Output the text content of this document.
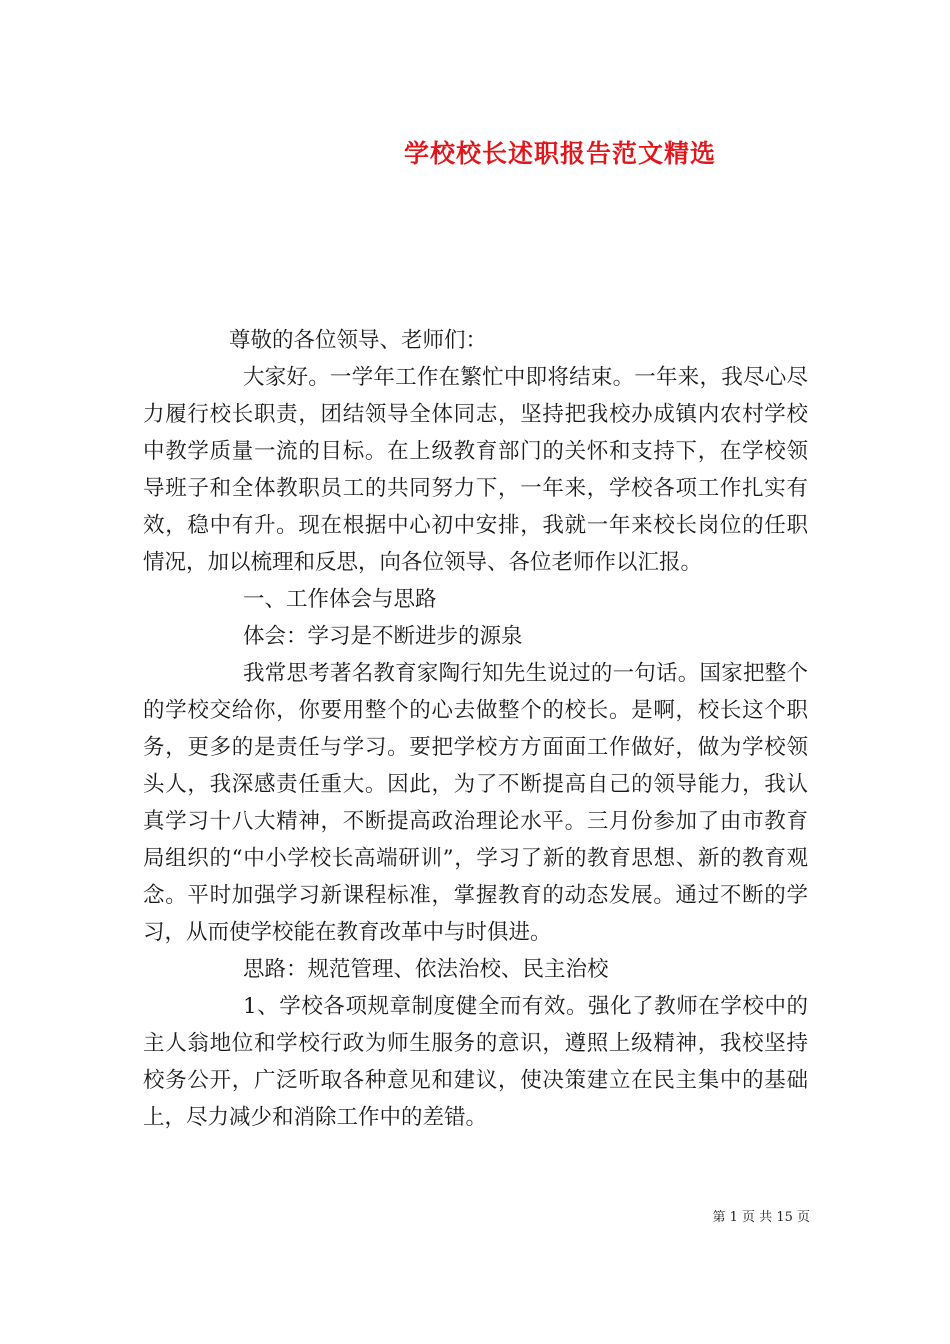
学校校长述职报告范文精选

尊敬的各位领导、老师们：

大家好。一学年工作在繁忙中即将结束。一年来，我尽心尽力履行校长职责，团结领导全体同志，坚持把我校办成镇内农村学校中教学质量一流的目标。在上级教育部门的关怀和支持下，在学校领导班子和全体教职员工的共同努力下，一年来，学校各项工作扎实有效，稳中有升。现在根据中心初中安排，我就一年来校长岗位的任职情况，加以梳理和反思，向各位领导、各位老师作以汇报。

一、工作体会与思路

体会：学习是不断进步的源泉

我常思考著名教育家陶行知先生说过的一句话。国家把整个的学校交给你，你要用整个的心去做整个的校长。是啊，校长这个职务，更多的是责任与学习。要把学校方方面面工作做好，做为学校领头人，我深感责任重大。因此，为了不断提高自己的领导能力，我认真学习十八大精神，不断提高政治理论水平。三月份参加了由市教育局组织的“中小学校长高端研训”，学习了新的教育思想、新的教育观念。平时加强学习新课程标准，掌握教育的动态发展。通过不断的学习，从而使学校能在教育改革中与时俱进。

思路：规范管理、依法治校、民主治校

1、学校各项规章制度健全而有效。强化了教师在学校中的主人翁地位和学校行政为师生服务的意识，遵照上级精神，我校坚持校务公开，广泛听取各种意见和建议，使决策建立在民主集中的基础上，尽力减少和消除工作中的差错。

第 1 页 共 15 页
